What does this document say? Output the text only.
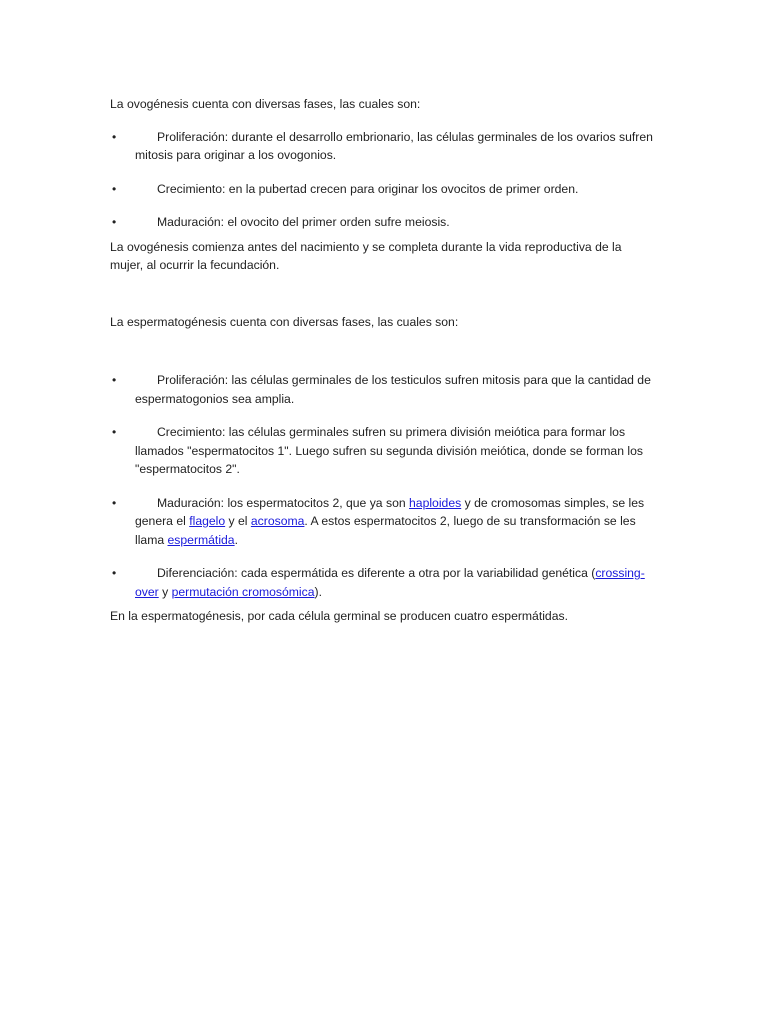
La ovogénesis cuenta con diversas fases, las cuales son:

•	Proliferación: durante el desarrollo embrionario, las células germinales de los ovarios sufren mitosis para originar a los ovogonios.
•	Crecimiento: en la pubertad crecen para originar los ovocitos de primer orden.
•	Maduración: el ovocito del primer orden sufre meiosis.

La ovogénesis comienza antes del nacimiento y se completa durante la vida reproductiva de la mujer, al ocurrir la fecundación.

La espermatogénesis cuenta con diversas fases, las cuales son:

•	Proliferación: las células germinales de los testiculos sufren mitosis para que la cantidad de espermatogonios sea amplia.
•	Crecimiento: las células germinales sufren su primera división meiótica para formar los llamados "espermatocitos 1". Luego sufren su segunda división meiótica, donde se forman los "espermatocitos 2".
•	Maduración: los espermatocitos 2, que ya son haploides y de cromosomas simples, se les genera el flagelo y el acrosoma. A estos espermatocitos 2, luego de su transformación se les llama espermátida.
•	Diferenciación: cada espermátida es diferente a otra por la variabilidad genética (crossing-over y permutación cromosómica).

En la espermatogénesis, por cada célula germinal se producen cuatro espermátidas.
